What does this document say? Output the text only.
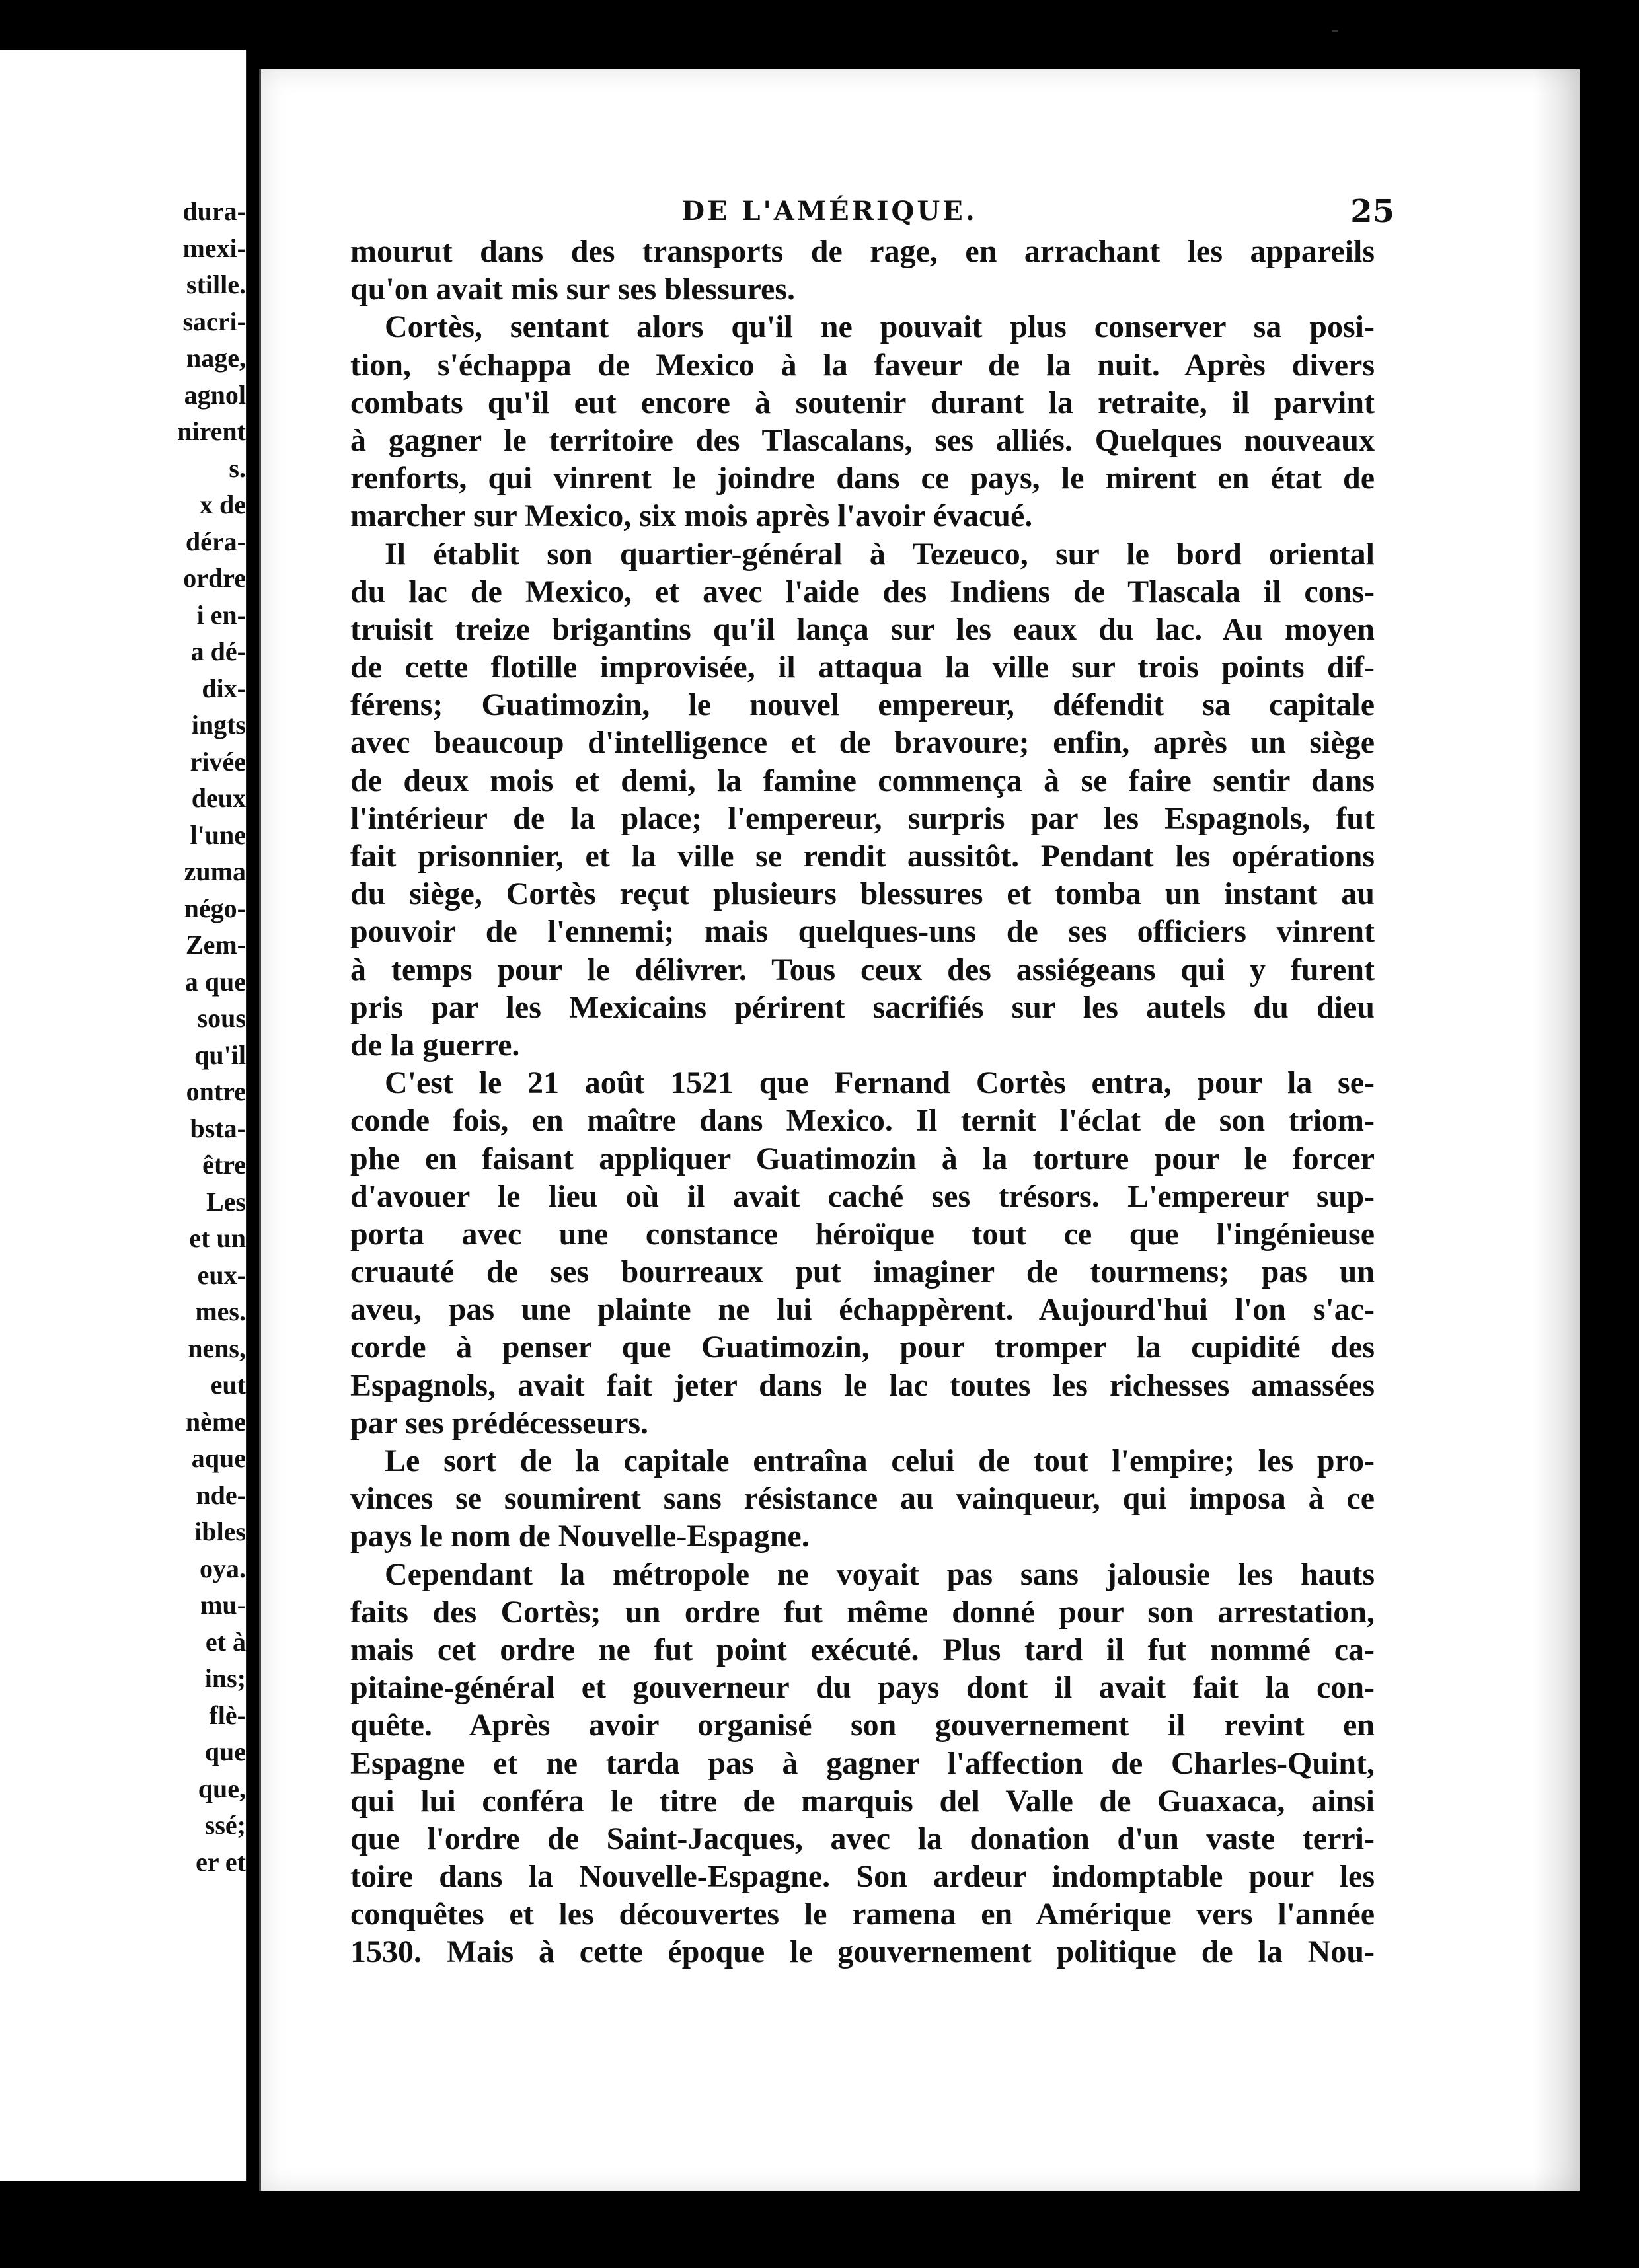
dura-
mexi-
stille.
sacri-
nage,
agnol
nirent
s.
x de
déra-
ordre
i en-
a dé-
dix-
ingts
rivée
deux
l'une
zuma
négo-
Zem-
a que
sous
qu'il
ontre
bsta-
être
Les
et un
eux-
mes.
nens,
eut
nème
aque
nde-
ibles
oya.
mu-
et à
ins;
flè-
que
que,
ssé;
er et
DE L'AMÉRIQUE.	25
mourut dans des transports de rage, en arrachant les appareils
qu'on avait mis sur ses blessures.
Cortès, sentant alors qu'il ne pouvait plus conserver sa posi-
tion, s'échappa de Mexico à la faveur de la nuit. Après divers
combats qu'il eut encore à soutenir durant la retraite, il parvint
à gagner le territoire des Tlascalans, ses alliés. Quelques nouveaux
renforts, qui vinrent le joindre dans ce pays, le mirent en état de
marcher sur Mexico, six mois après l'avoir évacué.
Il établit son quartier-général à Tezeuco, sur le bord oriental
du lac de Mexico, et avec l'aide des Indiens de Tlascala il cons-
truisit treize brigantins qu'il lança sur les eaux du lac. Au moyen
de cette flotille improvisée, il attaqua la ville sur trois points dif-
férens; Guatimozin, le nouvel empereur, défendit sa capitale
avec beaucoup d'intelligence et de bravoure; enfin, après un siège
de deux mois et demi, la famine commença à se faire sentir dans
l'intérieur de la place; l'empereur, surpris par les Espagnols, fut
fait prisonnier, et la ville se rendit aussitôt. Pendant les opérations
du siège, Cortès reçut plusieurs blessures et tomba un instant au
pouvoir de l'ennemi; mais quelques-uns de ses officiers vinrent
à temps pour le délivrer. Tous ceux des assiégeans qui y furent
pris par les Mexicains périrent sacrifiés sur les autels du dieu
de la guerre.
C'est le 21 août 1521 que Fernand Cortès entra, pour la se-
conde fois, en maître dans Mexico. Il ternit l'éclat de son triom-
phe en faisant appliquer Guatimozin à la torture pour le forcer
d'avouer le lieu où il avait caché ses trésors. L'empereur sup-
porta avec une constance héroïque tout ce que l'ingénieuse
cruauté de ses bourreaux put imaginer de tourmens; pas un
aveu, pas une plainte ne lui échappèrent. Aujourd'hui l'on s'ac-
corde à penser que Guatimozin, pour tromper la cupidité des
Espagnols, avait fait jeter dans le lac toutes les richesses amassées
par ses prédécesseurs.
Le sort de la capitale entraîna celui de tout l'empire; les pro-
vinces se soumirent sans résistance au vainqueur, qui imposa à ce
pays le nom de Nouvelle-Espagne.
Cependant la métropole ne voyait pas sans jalousie les hauts
faits des Cortès; un ordre fut même donné pour son arrestation,
mais cet ordre ne fut point exécuté. Plus tard il fut nommé ca-
pitaine-général et gouverneur du pays dont il avait fait la con-
quête. Après avoir organisé son gouvernement il revint en
Espagne et ne tarda pas à gagner l'affection de Charles-Quint,
qui lui conféra le titre de marquis del Valle de Guaxaca, ainsi
que l'ordre de Saint-Jacques, avec la donation d'un vaste terri-
toire dans la Nouvelle-Espagne. Son ardeur indomptable pour les
conquêtes et les découvertes le ramena en Amérique vers l'année
1530. Mais à cette époque le gouvernement politique de la Nou-
